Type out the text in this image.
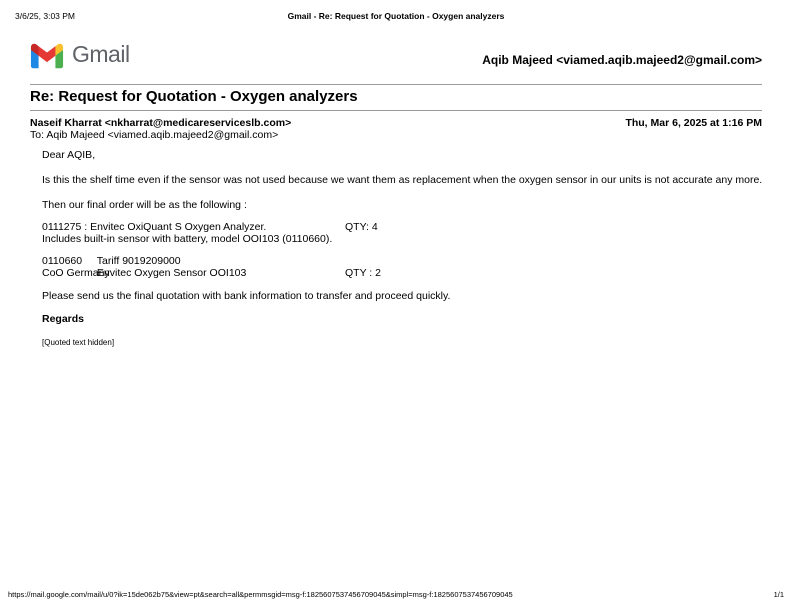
3/6/25, 3:03 PM	Gmail - Re: Request for Quotation - Oxygen analyzers
Gmail	Aqib Majeed <viamed.aqib.majeed2@gmail.com>
Re: Request for Quotation - Oxygen analyzers
Naseif Kharrat <nkharrat@medicareserviceslb.com>	Thu, Mar 6, 2025 at 1:16 PM
To: Aqib Majeed <viamed.aqib.majeed2@gmail.com>
Dear AQIB,
Is this the shelf time even if the sensor was not used because we want them as replacement when the oxygen sensor in our units is not accurate any more.
Then our final order will be as the following :
0111275 : Envitec OxiQuant S Oxygen Analyzer.	QTY: 4
Includes built-in sensor with battery, model OOI103 (0110660).
0110660 Tariff 9019209000
CoO Germany Envitec Oxygen Sensor OOI103	QTY : 2
Please send us the final quotation with bank information to transfer and proceed quickly.
Regards
[Quoted text hidden]
https://mail.google.com/mail/u/0?ik=15de062b75&view=pt&search=all&permmsgid=msg-f:1825607537456709045&simpl=msg-f:1825607537456709045	1/1
